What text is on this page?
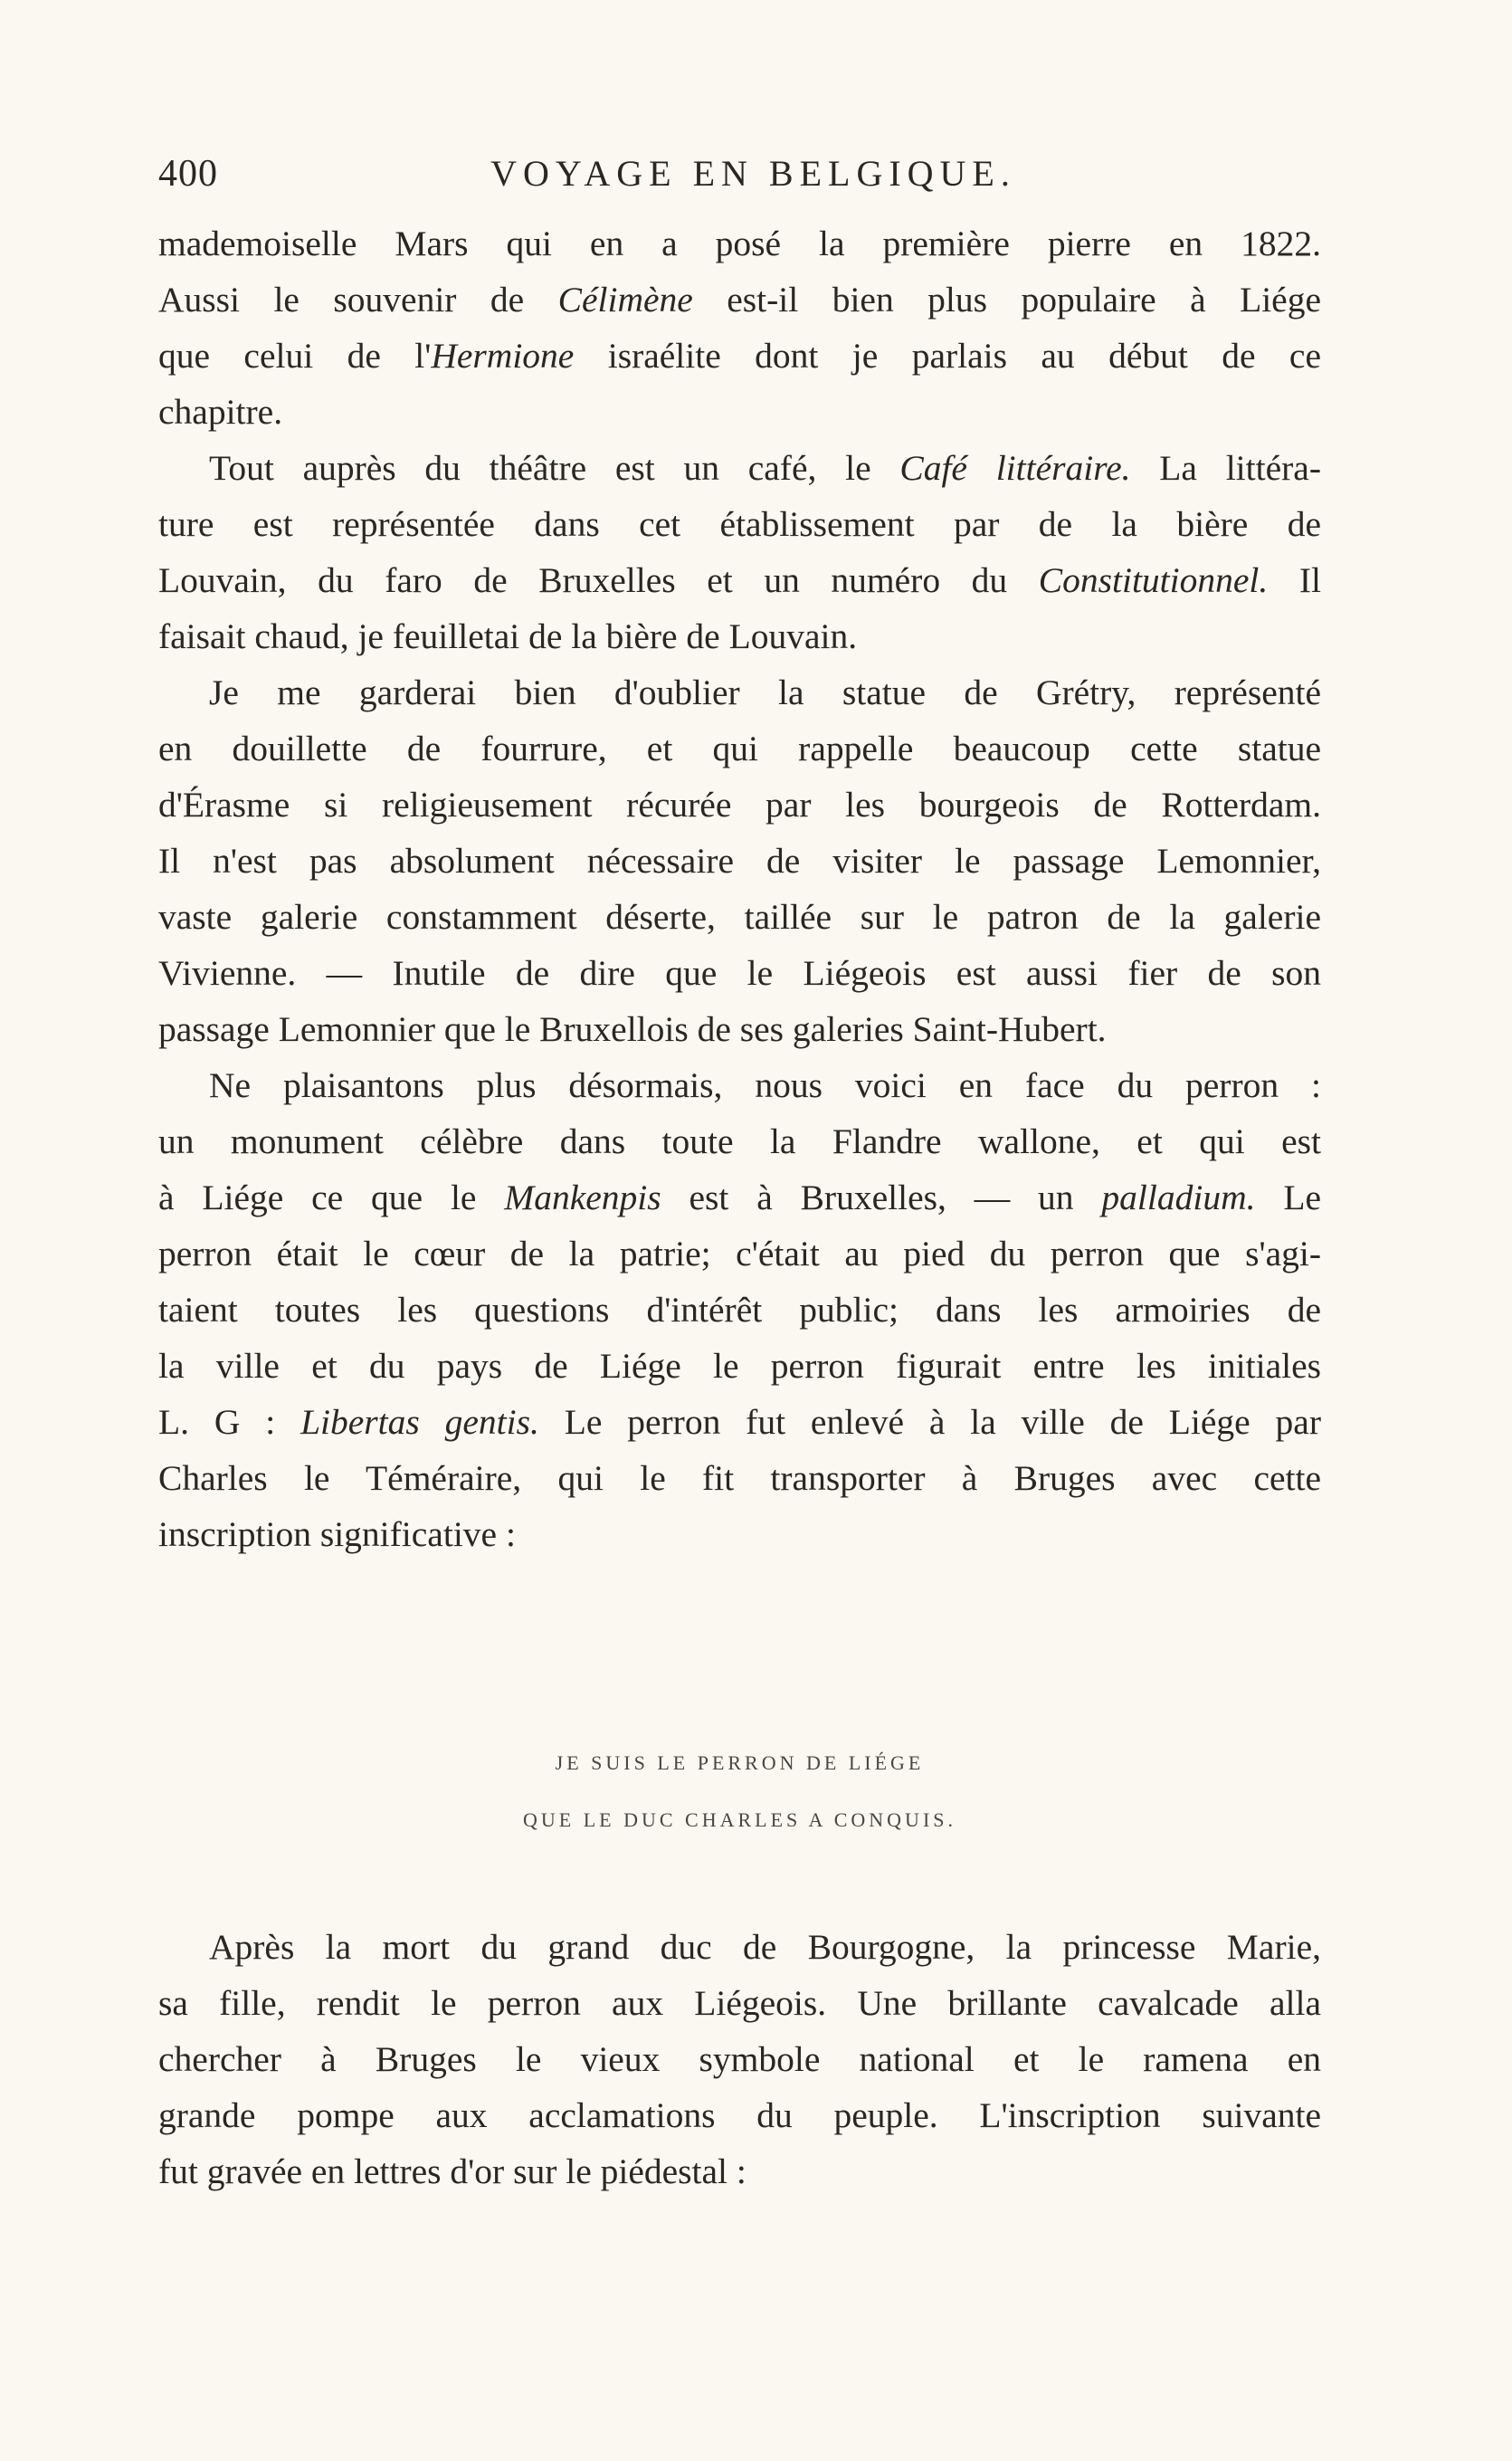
400	VOYAGE EN BELGIQUE.
mademoiselle Mars qui en a posé la première pierre en 1822.
Aussi le souvenir de Célimène est-il bien plus populaire à Liége
que celui de l'Hermione israélite dont je parlais au début de ce
chapitre.
Tout auprès du théâtre est un café, le Café littéraire. La littéra-
ture est représentée dans cet établissement par de la bière de
Louvain, du faro de Bruxelles et un numéro du Constitutionnel. Il
faisait chaud, je feuilletai de la bière de Louvain.
Je me garderai bien d'oublier la statue de Grétry, représenté
en douillette de fourrure, et qui rappelle beaucoup cette statue
d'Érasme si religieusement récurée par les bourgeois de Rotterdam.
Il n'est pas absolument nécessaire de visiter le passage Lemonnier,
vaste galerie constamment déserte, taillée sur le patron de la galerie
Vivienne. — Inutile de dire que le Liégeois est aussi fier de son
passage Lemonnier que le Bruxellois de ses galeries Saint-Hubert.
Ne plaisantons plus désormais, nous voici en face du perron :
un monument célèbre dans toute la Flandre wallone, et qui est
à Liége ce que le Mankenpis est à Bruxelles, — un palladium. Le
perron était le cœur de la patrie; c'était au pied du perron que s'agi-
taient toutes les questions d'intérêt public; dans les armoiries de
la ville et du pays de Liége le perron figurait entre les initiales
L. G : Libertas gentis. Le perron fut enlevé à la ville de Liége par
Charles le Téméraire, qui le fit transporter à Bruges avec cette
inscription significative :
JE SUIS LE PERRON DE LIÉGE
QUE LE DUC CHARLES A CONQUIS.
Après la mort du grand duc de Bourgogne, la princesse Marie,
sa fille, rendit le perron aux Liégeois. Une brillante cavalcade alla
chercher à Bruges le vieux symbole national et le ramena en
grande pompe aux acclamations du peuple. L'inscription suivante
fut gravée en lettres d'or sur le piédestal :
